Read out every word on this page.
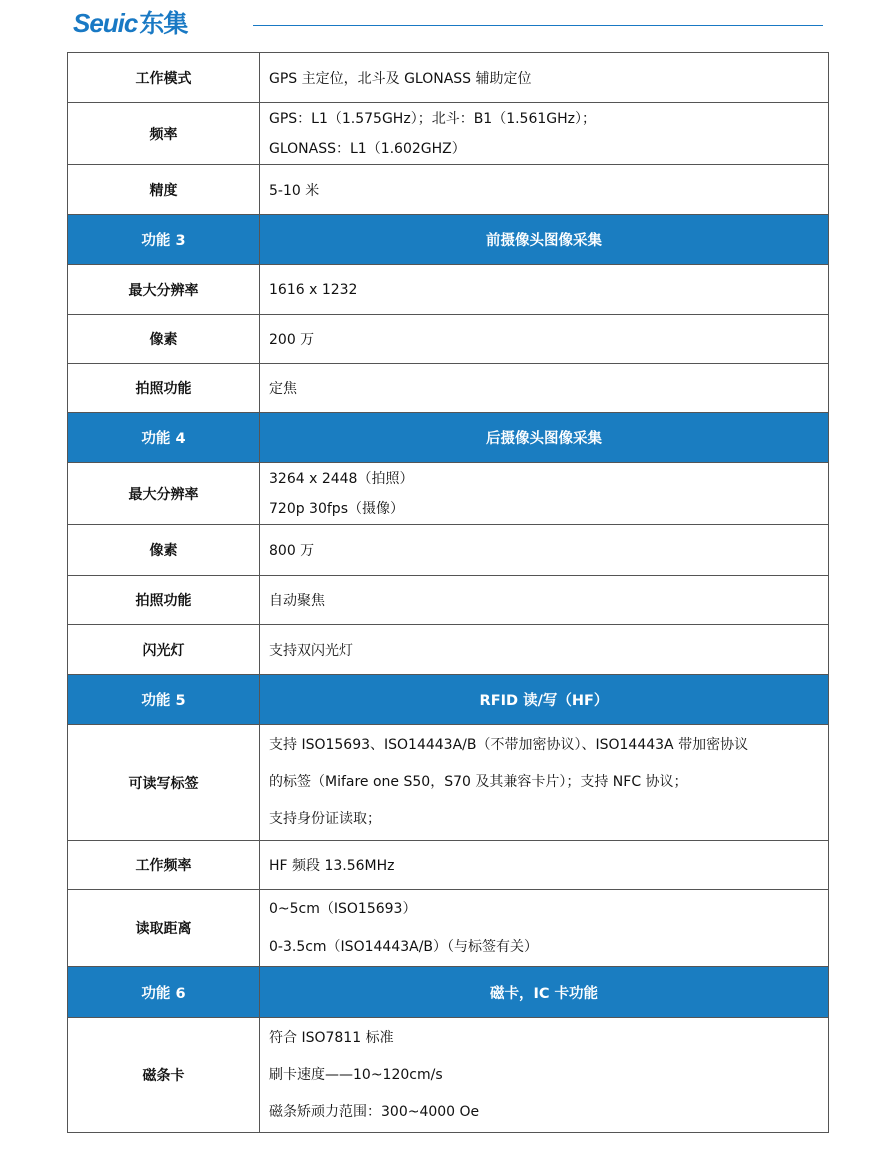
Seuic东集
工作模式	GPS 主定位，北斗及 GLONASS 辅助定位

频率	GPS：L1（1.575GHz）；北斗：B1（1.561GHz）；
GLONASS：L1（1.602GHZ）

精度	5-10 米

功能 3	前摄像头图像采集
最大分辨率	1616 x 1232

像素	200 万

拍照功能	定焦

功能 4	后摄像头图像采集
最大分辨率	3264 x 2448（拍照）
720p 30fps（摄像）

像素	800 万

拍照功能	自动聚焦

闪光灯	支持双闪光灯

功能 5	RFID 读/写（HF）
可读写标签	支持 ISO15693、ISO14443A/B（不带加密协议）、ISO14443A 带加密协议
的标签（Mifare one S50，S70 及其兼容卡片）；支持 NFC 协议；
支持身份证读取；

工作频率	HF 频段 13.56MHz

读取距离	0~5cm（ISO15693）
0-3.5cm（ISO14443A/B）（与标签有关）

功能 6	磁卡，IC 卡功能
磁条卡	符合 ISO7811 标准
刷卡速度——10~120cm/s
磁条矫顽力范围：300~4000 Oe
